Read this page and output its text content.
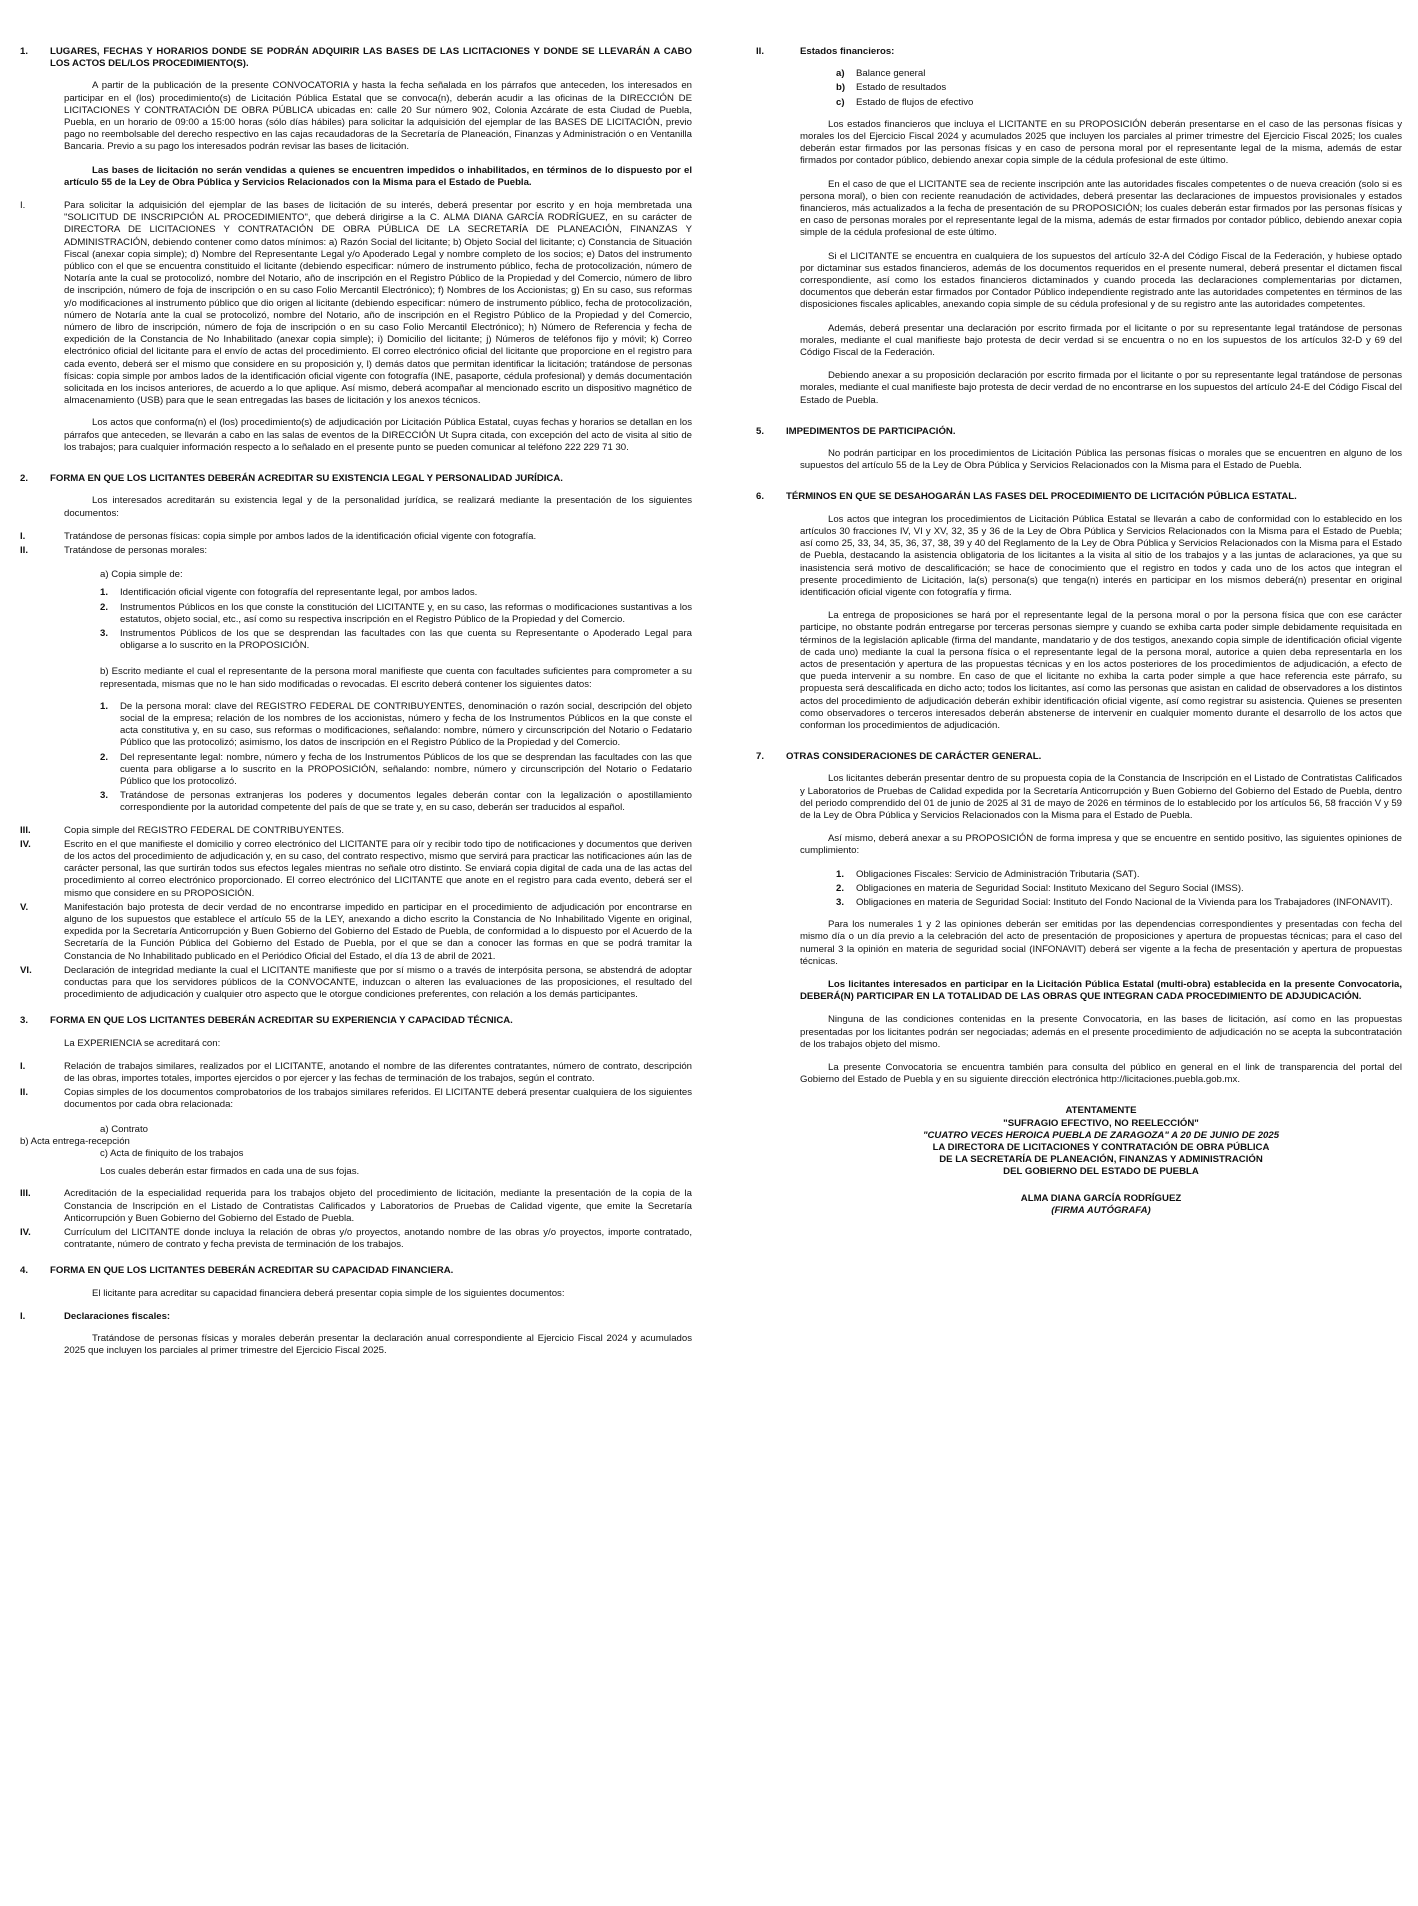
1.	LUGARES, FECHAS Y HORARIOS DONDE SE PODRÁN ADQUIRIR LAS BASES DE LAS LICITACIONES Y DONDE SE LLEVARÁN A CABO LOS ACTOS DEL/LOS PROCEDIMIENTO(S).

A partir de la publicación de la presente CONVOCATORIA y hasta la fecha señalada en los párrafos que anteceden, los interesados en participar en el (los) procedimiento(s) de Licitación Pública Estatal que se convoca(n), deberán acudir a las oficinas de la DIRECCIÓN DE LICITACIONES Y CONTRATACIÓN DE OBRA PÚBLICA ubicadas en: calle 20 Sur número 902, Colonia Azcárate de esta Ciudad de Puebla, Puebla, en un horario de 09:00 a 15:00 horas (sólo días hábiles) para solicitar la adquisición del ejemplar de las BASES DE LICITACIÓN, previo pago no reembolsable del derecho respectivo en las cajas recaudadoras de la Secretaría de Planeación, Finanzas y Administración o en Ventanilla Bancaria. Previo a su pago los interesados podrán revisar las bases de licitación.

Las bases de licitación no serán vendidas a quienes se encuentren impedidos o inhabilitados, en términos de lo dispuesto por el artículo 55 de la Ley de Obra Pública y Servicios Relacionados con la Misma para el Estado de Puebla.

I.	Para solicitar la adquisición del ejemplar de las bases de licitación de su interés, deberá presentar por escrito y en hoja membretada una "SOLICITUD DE INSCRIPCIÓN AL PROCEDIMIENTO", que deberá dirigirse a la C. ALMA DIANA GARCÍA RODRÍGUEZ, en su carácter de DIRECTORA DE LICITACIONES Y CONTRATACIÓN DE OBRA PÚBLICA DE LA SECRETARÍA DE PLANEACIÓN, FINANZAS Y ADMINISTRACIÓN, debiendo contener como datos mínimos: a) Razón Social del licitante; b) Objeto Social del licitante; c) Constancia de Situación Fiscal (anexar copia simple); d) Nombre del Representante Legal y/o Apoderado Legal y nombre completo de los socios; e) Datos del instrumento público con el que se encuentra constituido el licitante (debiendo especificar: número de instrumento público, fecha de protocolización, número de Notaría ante la cual se protocolizó, nombre del Notario, año de inscripción en el Registro Público de la Propiedad y del Comercio, número de libro de inscripción, número de foja de inscripción o en su caso Folio Mercantil Electrónico); f) Nombres de los Accionistas; g) En su caso, sus reformas y/o modificaciones al instrumento público que dio origen al licitante (debiendo especificar: número de instrumento público, fecha de protocolización, número de Notaría ante la cual se protocolizó, nombre del Notario, año de inscripción en el Registro Público de la Propiedad y del Comercio, número de libro de inscripción, número de foja de inscripción o en su caso Folio Mercantil Electrónico); h) Número de Referencia y fecha de expedición de la Constancia de No Inhabilitado (anexar copia simple); i) Domicilio del licitante; j) Números de teléfonos fijo y móvil; k) Correo electrónico oficial del licitante para el envío de actas del procedimiento. El correo electrónico oficial del licitante que proporcione en el registro para cada evento, deberá ser el mismo que considere en su proposición y, l) demás datos que permitan identificar la licitación; tratándose de personas físicas: copia simple por ambos lados de la identificación oficial vigente con fotografía (INE, pasaporte, cédula profesional) y demás documentación solicitada en los incisos anteriores, de acuerdo a lo que aplique. Así mismo, deberá acompañar al mencionado escrito un dispositivo magnético de almacenamiento (USB) para que le sean entregadas las bases de licitación y los anexos técnicos.

Los actos que conforma(n) el (los) procedimiento(s) de adjudicación por Licitación Pública Estatal, cuyas fechas y horarios se detallan en los párrafos que anteceden, se llevarán a cabo en las salas de eventos de la DIRECCIÓN Ut Supra citada, con excepción del acto de visita al sitio de los trabajos; para cualquier información respecto a lo señalado en el presente punto se pueden comunicar al teléfono 222 229 71 30.

2.	FORMA EN QUE LOS LICITANTES DEBERÁN ACREDITAR SU EXISTENCIA LEGAL Y PERSONALIDAD JURÍDICA.

Los interesados acreditarán su existencia legal y de la personalidad jurídica, se realizará mediante la presentación de los siguientes documentos:

I.	Tratándose de personas físicas: copia simple por ambos lados de la identificación oficial vigente con fotografía.
II.	Tratándose de personas morales:
a) Copia simple de:
1.	Identificación oficial vigente con fotografía del representante legal, por ambos lados.
2.	Instrumentos Públicos en los que conste la constitución del LICITANTE y, en su caso, las reformas o modificaciones sustantivas a los estatutos, objeto social, etc., así como su respectiva inscripción en el Registro Público de la Propiedad y del Comercio.
3.	Instrumentos Públicos de los que se desprendan las facultades con las que cuenta su Representante o Apoderado Legal para obligarse a lo suscrito en la PROPOSICIÓN.
b) Escrito mediante el cual el representante de la persona moral manifieste que cuenta con facultades suficientes para comprometer a su representada, mismas que no le han sido modificadas o revocadas. El escrito deberá contener los siguientes datos:
1.	De la persona moral: clave del REGISTRO FEDERAL DE CONTRIBUYENTES, denominación o razón social, descripción del objeto social de la empresa; relación de los nombres de los accionistas, número y fecha de los Instrumentos Públicos en la que conste el acta constitutiva y, en su caso, sus reformas o modificaciones, señalando: nombre, número y circunscripción del Notario o Fedatario Público que las protocolizó; asimismo, los datos de inscripción en el Registro Público de la Propiedad y del Comercio.
2.	Del representante legal: nombre, número y fecha de los Instrumentos Públicos de los que se desprendan las facultades con las que cuenta para obligarse a lo suscrito en la PROPOSICIÓN, señalando: nombre, número y circunscripción del Notario o Fedatario Público que los protocolizó.
3.	Tratándose de personas extranjeras los poderes y documentos legales deberán contar con la legalización o apostillamiento correspondiente por la autoridad competente del país de que se trate y, en su caso, deberán ser traducidos al español.
III.	Copia simple del REGISTRO FEDERAL DE CONTRIBUYENTES.
IV.	Escrito en el que manifieste el domicilio y correo electrónico del LICITANTE para oír y recibir todo tipo de notificaciones y documentos que deriven de los actos del procedimiento de adjudicación y, en su caso, del contrato respectivo, mismo que servirá para practicar las notificaciones aún las de carácter personal, las que surtirán todos sus efectos legales mientras no señale otro distinto. Se enviará copia digital de cada una de las actas del procedimiento al correo electrónico proporcionado. El correo electrónico del LICITANTE que anote en el registro para cada evento, deberá ser el mismo que considere en su PROPOSICIÓN.
V.	Manifestación bajo protesta de decir verdad de no encontrarse impedido en participar en el procedimiento de adjudicación por encontrarse en alguno de los supuestos que establece el artículo 55 de la LEY, anexando a dicho escrito la Constancia de No Inhabilitado Vigente en original, expedida por la Secretaría Anticorrupción y Buen Gobierno del Gobierno del Estado de Puebla, de conformidad a lo dispuesto por el Acuerdo de la Secretaría de la Función Pública del Gobierno del Estado de Puebla, por el que se dan a conocer las formas en que se podrá tramitar la Constancia de No Inhabilitado publicado en el Periódico Oficial del Estado, el día 13 de abril de 2021.
VI.	Declaración de integridad mediante la cual el LICITANTE manifieste que por sí mismo o a través de interpósita persona, se abstendrá de adoptar conductas para que los servidores públicos de la CONVOCANTE, induzcan o alteren las evaluaciones de las proposiciones, el resultado del procedimiento de adjudicación y cualquier otro aspecto que le otorgue condiciones preferentes, con relación a los demás participantes.
3.	FORMA EN QUE LOS LICITANTES DEBERÁN ACREDITAR SU EXPERIENCIA Y CAPACIDAD TÉCNICA.

La EXPERIENCIA se acreditará con:

I.	Relación de trabajos similares, realizados por el LICITANTE, anotando el nombre de las diferentes contratantes, número de contrato, descripción de las obras, importes totales, importes ejercidos o por ejercer y las fechas de terminación de los trabajos, según el contrato.
II.	Copias simples de los documentos comprobatorios de los trabajos similares referidos. El LICITANTE deberá presentar cualquiera de los siguientes documentos por cada obra relacionada:
a) Contrato
b) Acta entrega-recepción
c) Acta de finiquito de los trabajos
Los cuales deberán estar firmados en cada una de sus fojas.
III.	Acreditación de la especialidad requerida para los trabajos objeto del procedimiento de licitación, mediante la presentación de la copia de la Constancia de Inscripción en el Listado de Contratistas Calificados y Laboratorios de Pruebas de Calidad vigente, que emite la Secretaría Anticorrupción y Buen Gobierno del Gobierno del Estado de Puebla.
IV.	Currículum del LICITANTE donde incluya la relación de obras y/o proyectos, anotando nombre de las obras y/o proyectos, importe contratado, contratante, número de contrato y fecha prevista de terminación de los trabajos.
4.	FORMA EN QUE LOS LICITANTES DEBERÁN ACREDITAR SU CAPACIDAD FINANCIERA.

El licitante para acreditar su capacidad financiera deberá presentar copia simple de los siguientes documentos:

I.	Declaraciones fiscales:

Tratándose de personas físicas y morales deberán presentar la declaración anual correspondiente al Ejercicio Fiscal 2024 y acumulados 2025 que incluyen los parciales al primer trimestre del Ejercicio Fiscal 2025.

II.	Estados financieros:
a)	Balance general
b)	Estado de resultados
c)	Estado de flujos de efectivo

Los estados financieros que incluya el LICITANTE en su PROPOSICIÓN deberán presentarse en el caso de las personas físicas y morales los del Ejercicio Fiscal 2024 y acumulados 2025 que incluyen los parciales al primer trimestre del Ejercicio Fiscal 2025; los cuales deberán estar firmados por las personas físicas y en caso de persona moral por el representante legal de la misma, además de estar firmados por contador público, debiendo anexar copia simple de la cédula profesional de este último.

En el caso de que el LICITANTE sea de reciente inscripción ante las autoridades fiscales competentes o de nueva creación (solo si es persona moral), o bien con reciente reanudación de actividades, deberá presentar las declaraciones de impuestos provisionales y estados financieros, más actualizados a la fecha de presentación de su PROPOSICIÓN; los cuales deberán estar firmados por las personas físicas y en caso de personas morales por el representante legal de la misma, además de estar firmados por contador público, debiendo anexar copia simple de la cédula profesional de este último.

Si el LICITANTE se encuentra en cualquiera de los supuestos del artículo 32-A del Código Fiscal de la Federación, y hubiese optado por dictaminar sus estados financieros, además de los documentos requeridos en el presente numeral, deberá presentar el dictamen fiscal correspondiente, así como los estados financieros dictaminados y cuando proceda las declaraciones complementarias por dictamen, documentos que deberán estar firmados por Contador Público independiente registrado ante las autoridades competentes en términos de las disposiciones fiscales aplicables, anexando copia simple de su cédula profesional y de su registro ante las autoridades competentes.

Además, deberá presentar una declaración por escrito firmada por el licitante o por su representante legal tratándose de personas morales, mediante el cual manifieste bajo protesta de decir verdad si se encuentra o no en los supuestos de los artículos 32-D y 69 del Código Fiscal de la Federación.

Debiendo anexar a su proposición declaración por escrito firmada por el licitante o por su representante legal tratándose de personas morales, mediante el cual manifieste bajo protesta de decir verdad de no encontrarse en los supuestos del artículo 24-E del Código Fiscal del Estado de Puebla.

5.	IMPEDIMENTOS DE PARTICIPACIÓN.

No podrán participar en los procedimientos de Licitación Pública las personas físicas o morales que se encuentren en alguno de los supuestos del artículo 55 de la Ley de Obra Pública y Servicios Relacionados con la Misma para el Estado de Puebla.

6.	TÉRMINOS EN QUE SE DESAHOGARÁN LAS FASES DEL PROCEDIMIENTO DE LICITACIÓN PÚBLICA ESTATAL.

Los actos que integran los procedimientos de Licitación Pública Estatal se llevarán a cabo de conformidad con lo establecido en los artículos 30 fracciones IV, VI y XV, 32, 35 y 36 de la Ley de Obra Pública y Servicios Relacionados con la Misma para el Estado de Puebla; así como 25, 33, 34, 35, 36, 37, 38, 39 y 40 del Reglamento de la Ley de Obra Pública y Servicios Relacionados con la Misma para el Estado de Puebla, destacando la asistencia obligatoria de los licitantes a la visita al sitio de los trabajos y a las juntas de aclaraciones, ya que su inasistencia será motivo de descalificación; se hace de conocimiento que el registro en todos y cada uno de los actos que integran el presente procedimiento de Licitación, la(s) persona(s) que tenga(n) interés en participar en los mismos deberá(n) presentar en original identificación oficial vigente con fotografía y firma.

La entrega de proposiciones se hará por el representante legal de la persona moral o por la persona física que con ese carácter participe, no obstante podrán entregarse por terceras personas siempre y cuando se exhiba carta poder simple debidamente requisitada en términos de la legislación aplicable (firma del mandante, mandatario y de dos testigos, anexando copia simple de identificación oficial vigente de cada uno) mediante la cual la persona física o el representante legal de la persona moral, autorice a quien deba representarla en los actos de presentación y apertura de las propuestas técnicas y en los actos posteriores de los procedimientos de adjudicación, a efecto de que pueda intervenir a su nombre. En caso de que el licitante no exhiba la carta poder simple a que hace referencia este párrafo, su propuesta será descalificada en dicho acto; todos los licitantes, así como las personas que asistan en calidad de observadores a los distintos actos del procedimiento de adjudicación deberán exhibir identificación oficial vigente, así como registrar su asistencia. Quienes se presenten como observadores o terceros interesados deberán abstenerse de intervenir en cualquier momento durante el desarrollo de los actos que conforman los procedimientos de adjudicación.

7.	OTRAS CONSIDERACIONES DE CARÁCTER GENERAL.

Los licitantes deberán presentar dentro de su propuesta copia de la Constancia de Inscripción en el Listado de Contratistas Calificados y Laboratorios de Pruebas de Calidad expedida por la Secretaría Anticorrupción y Buen Gobierno del Gobierno del Estado de Puebla, dentro del periodo comprendido del 01 de junio de 2025 al 31 de mayo de 2026 en términos de lo establecido por los artículos 56, 58 fracción V y 59 de la Ley de Obra Pública y Servicios Relacionados con la Misma para el Estado de Puebla.

Así mismo, deberá anexar a su PROPOSICIÓN de forma impresa y que se encuentre en sentido positivo, las siguientes opiniones de cumplimiento:

1.	Obligaciones Fiscales: Servicio de Administración Tributaria (SAT).
2.	Obligaciones en materia de Seguridad Social: Instituto Mexicano del Seguro Social (IMSS).
3.	Obligaciones en materia de Seguridad Social: Instituto del Fondo Nacional de la Vivienda para los Trabajadores (INFONAVIT).

Para los numerales 1 y 2 las opiniones deberán ser emitidas por las dependencias correspondientes y presentadas con fecha del mismo día o un día previo a la celebración del acto de presentación de proposiciones y apertura de propuestas técnicas; para el caso del numeral 3 la opinión en materia de seguridad social (INFONAVIT) deberá ser vigente a la fecha de presentación y apertura de propuestas técnicas.

Los licitantes interesados en participar en la Licitación Pública Estatal (multi-obra) establecida en la presente Convocatoria, DEBERÁ(N) PARTICIPAR EN LA TOTALIDAD DE LAS OBRAS QUE INTEGRAN CADA PROCEDIMIENTO DE ADJUDICACIÓN.

Ninguna de las condiciones contenidas en la presente Convocatoria, en las bases de licitación, así como en las propuestas presentadas por los licitantes podrán ser negociadas; además en el presente procedimiento de adjudicación no se acepta la subcontratación de los trabajos objeto del mismo.

La presente Convocatoria se encuentra también para consulta del público en general en el link de transparencia del portal del Gobierno del Estado de Puebla y en su siguiente dirección electrónica http://licitaciones.puebla.gob.mx.

ATENTAMENTE
"SUFRAGIO EFECTIVO, NO REELECCIÓN"
"CUATRO VECES HEROICA PUEBLA DE ZARAGOZA" A 20 DE JUNIO DE 2025
LA DIRECTORA DE LICITACIONES Y CONTRATACIÓN DE OBRA PÚBLICA
DE LA SECRETARÍA DE PLANEACIÓN, FINANZAS Y ADMINISTRACIÓN
DEL GOBIERNO DEL ESTADO DE PUEBLA
ALMA DIANA GARCÍA RODRÍGUEZ
(FIRMA AUTÓGRAFA)
